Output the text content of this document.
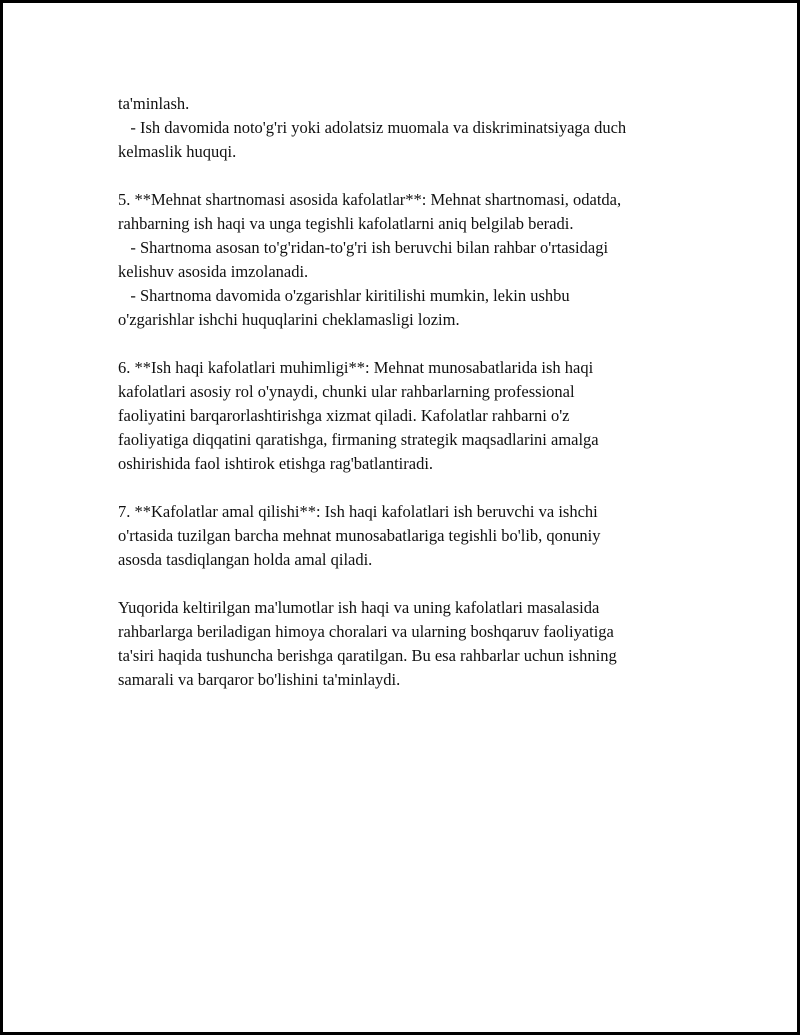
ta'minlash.
- Ish davomida noto'g'ri yoki adolatsiz muomala va diskriminatsiyaga duch
kelmaslik huquqi.
5. **Mehnat shartnomasi asosida kafolatlar**: Mehnat shartnomasi, odatda,
rahbarning ish haqi va unga tegishli kafolatlarni aniq belgilab beradi.
- Shartnoma asosan to'g'ridan-to'g'ri ish beruvchi bilan rahbar o'rtasidagi
kelishuv asosida imzolanadi.
- Shartnoma davomida o'zgarishlar kiritilishi mumkin, lekin ushbu
o'zgarishlar ishchi huquqlarini cheklamasligi lozim.
6. **Ish haqi kafolatlari muhimligi**: Mehnat munosabatlarida ish haqi
kafolatlari asosiy rol o'ynaydi, chunki ular rahbarlarning professional
faoliyatini barqarorlashtirishga xizmat qiladi. Kafolatlar rahbarni o'z
faoliyatiga diqqatini qaratishga, firmaning strategik maqsadlarini amalga
oshirishida faol ishtirok etishga rag'batlantiradi.
7. **Kafolatlar amal qilishi**: Ish haqi kafolatlari ish beruvchi va ishchi
o'rtasida tuzilgan barcha mehnat munosabatlariga tegishli bo'lib, qonuniy
asosda tasdiqlangan holda amal qiladi.
Yuqorida keltirilgan ma'lumotlar ish haqi va uning kafolatlari masalasida
rahbarlarga beriladigan himoya choralari va ularning boshqaruv faoliyatiga
ta'siri haqida tushuncha berishga qaratilgan. Bu esa rahbarlar uchun ishning
samarali va barqaror bo'lishini ta'minlaydi.
